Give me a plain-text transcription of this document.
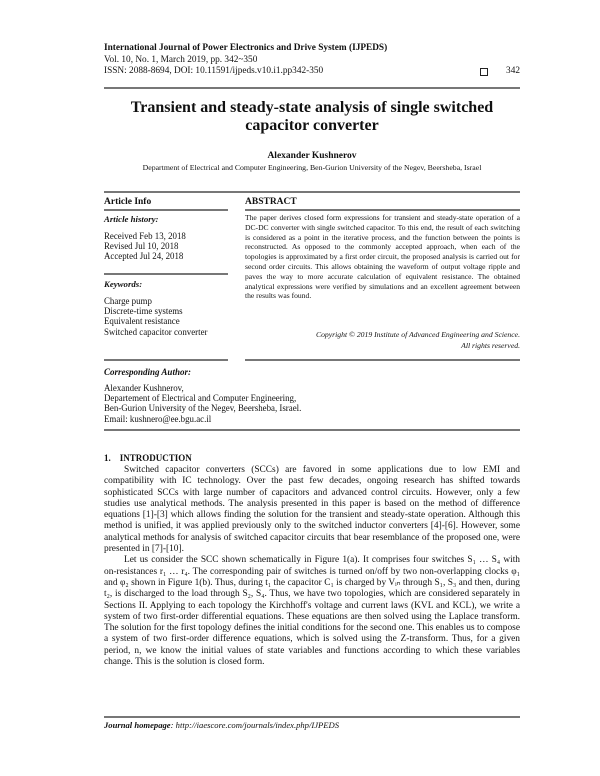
International Journal of Power Electronics and Drive System (IJPEDS)
Vol. 10, No. 1, March 2019, pp. 342~350
ISSN: 2088-8694, DOI: 10.11591/ijpeds.v10.i1.pp342-350	342
Transient and steady-state analysis of single switched capacitor converter
Alexander Kushnerov
Department of Electrical and Computer Engineering, Ben-Gurion University of the Negev, Beersheba, Israel
Article Info
Article history:
Received Feb 13, 2018
Revised Jul 10, 2018
Accepted Jul 24, 2018
Keywords:
Charge pump
Discrete-time systems
Equivalent resistance
Switched capacitor converter
ABSTRACT
The paper derives closed form expressions for transient and steady-state operation of a DC-DC converter with single switched capacitor. To this end, the result of each switching is considered as a point in the iterative process, and the function between the points is reconstructed. As opposed to the commonly accepted approach, when each of the topologies is approximated by a first order circuit, the proposed analysis is carried out for second order circuits. This allows obtaining the waveform of output voltage ripple and paves the way to more accurate calculation of equivalent resistance. The obtained analytical expressions were verified by simulations and an excellent agreement between the results was found.
Copyright © 2019 Institute of Advanced Engineering and Science.
All rights reserved.
Corresponding Author:
Alexander Kushnerov,
Departement of Electrical and Computer Engineering,
Ben-Gurion University of the Negev, Beersheba, Israel.
Email: kushnero@ee.bgu.ac.il
1. INTRODUCTION

Switched capacitor converters (SCCs) are favored in some applications due to low EMI and compatibility with IC technology. Over the past few decades, ongoing research has shifted towards sophisticated SCCs with large number of capacitors and advanced control circuits. However, only a few studies use analytical methods. The analysis presented in this paper is based on the method of difference equations [1]-[3] which allows finding the solution for the transient and steady-state operation. Although this method is unified, it was applied previously only to the switched inductor converters [4]-[6]. However, some analytical methods for analysis of switched capacitor circuits that bear resemblance of the proposed one, were presented in [7]-[10].

Let us consider the SCC shown schematically in Figure 1(a). It comprises four switches S₁ … S₄ with on-resistances r₁ … r₄. The corresponding pair of switches is turned on/off by two non-overlapping clocks φ₁ and φ₂ shown in Figure 1(b). Thus, during t₁ the capacitor C₁ is charged by Vᵢₙ through S₁, S₃ and then, during t₂, is discharged to the load through S₂, S₄. Thus, we have two topologies, which are considered separately in Sections II. Applying to each topology the Kirchhoff's voltage and current laws (KVL and KCL), we write a system of two first-order differential equations. These equations are then solved using the Laplace transform. The solution for the first topology defines the initial conditions for the second one. This enables us to compose a system of two first-order difference equations, which is solved using the Z-transform. Thus, for a given period, n, we know the initial values of state variables and functions according to which these variables change. This is the solution is closed form.

Journal homepage: http://iaescore.com/journals/index.php/IJPEDS
